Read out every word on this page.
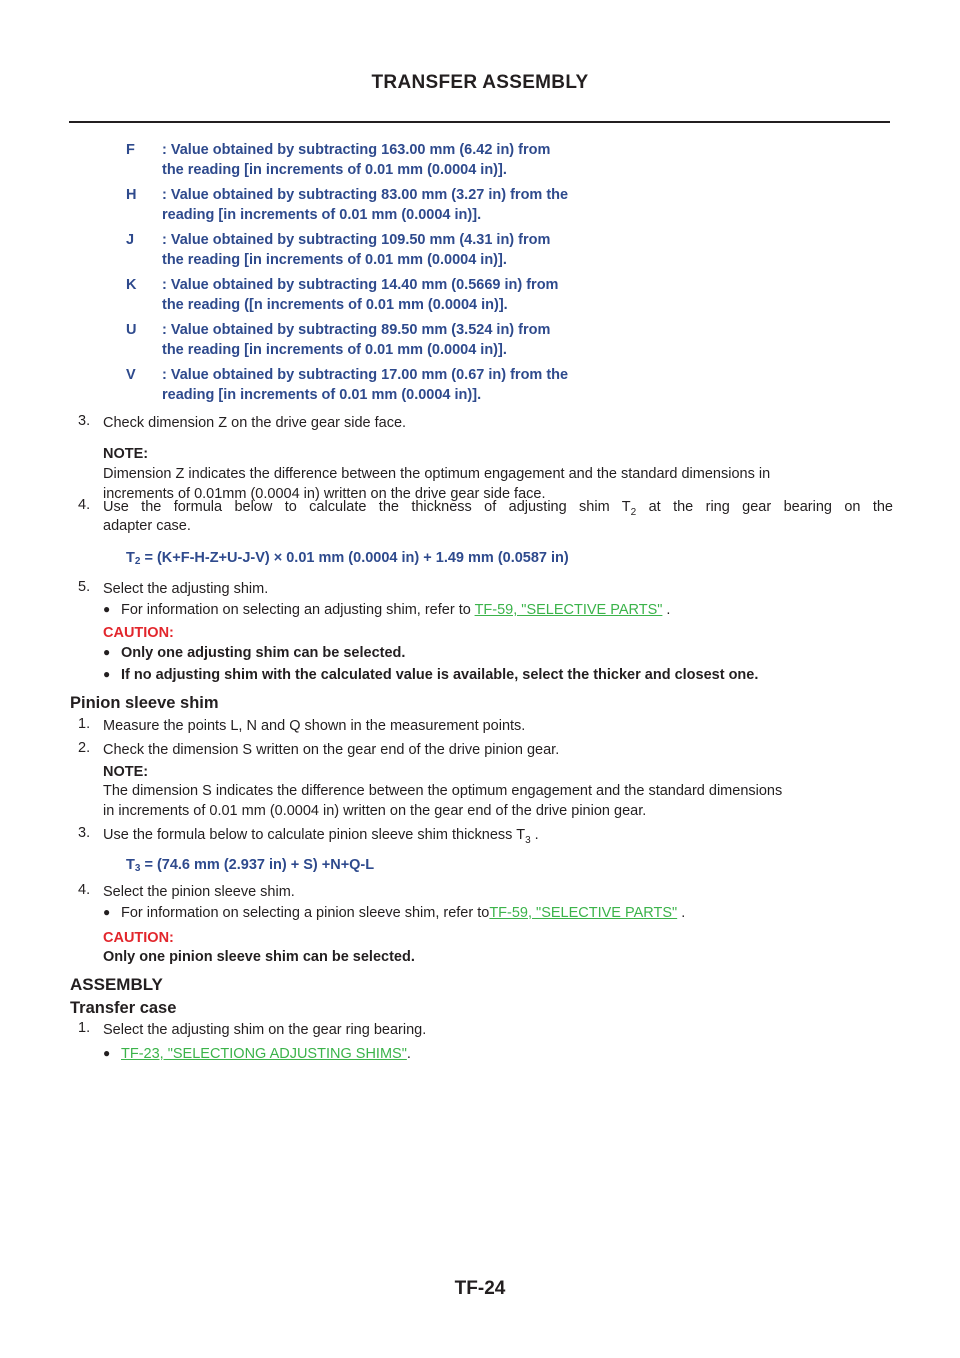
TRANSFER ASSEMBLY
F	: Value obtained by subtracting 163.00 mm (6.42 in) from
the reading [in increments of 0.01 mm (0.0004 in)].
H	: Value obtained by subtracting 83.00 mm (3.27 in) from the
reading [in increments of 0.01 mm (0.0004 in)].
J	: Value obtained by subtracting 109.50 mm (4.31 in) from
the reading [in increments of 0.01 mm (0.0004 in)].
K	: Value obtained by subtracting 14.40 mm (0.5669 in) from
the reading ([n increments of 0.01 mm (0.0004 in)].
U	: Value obtained by subtracting 89.50 mm (3.524 in) from
the reading [in increments of 0.01 mm (0.0004 in)].
V	: Value obtained by subtracting 17.00 mm (0.67 in) from the
reading [in increments of 0.01 mm (0.0004 in)].
3. Check dimension Z on the drive gear side face.
NOTE:
Dimension Z indicates the difference between the optimum engagement and the standard dimensions in
increments of 0.01mm (0.0004 in) written on the drive gear side face.
4. Use the formula below to calculate the thickness of adjusting shim $T_2$ at the ring gear bearing on the
adapter case.
$T_2 = (K+F-H-Z+U-J-V) \times 0.01$ mm (0.0004 in) + 1.49 mm (0.0587 in)
5. Select the adjusting shim.
● For information on selecting an adjusting shim, refer to TF-59, "SELECTIVE PARTS" .
CAUTION:
● Only one adjusting shim can be selected.
● If no adjusting shim with the calculated value is available, select the thicker and closest one.
Pinion sleeve shim
1. Measure the points L, N and Q shown in the measurement points.
2. Check the dimension S written on the gear end of the drive pinion gear.
NOTE:
The dimension S indicates the difference between the optimum engagement and the standard dimensions
in increments of 0.01 mm (0.0004 in) written on the gear end of the drive pinion gear.
3. Use the formula below to calculate pinion sleeve shim thickness $T_3$ .
$T_3 = (74.6$ mm (2.937 in) + S) +N+Q-L
4. Select the pinion sleeve shim.
● For information on selecting a pinion sleeve shim, refer toTF-59, "SELECTIVE PARTS" .
CAUTION:
Only one pinion sleeve shim can be selected.
ASSEMBLY
Transfer case
1. Select the adjusting shim on the gear ring bearing.
● TF-23, "SELECTIONG ADJUSTING SHIMS".
TF-24
